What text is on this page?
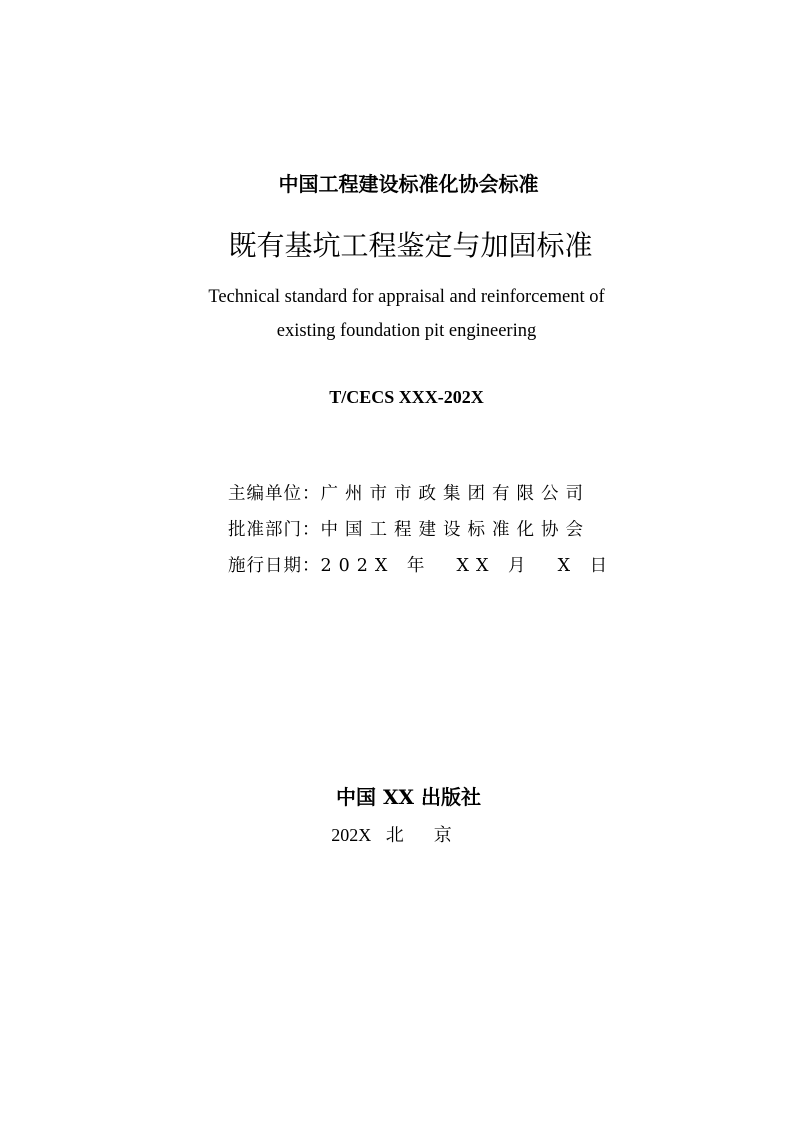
中国工程建设标准化协会标准
既有基坑工程鉴定与加固标准
Technical standard for appraisal and reinforcement of
existing foundation pit engineering
T/CECS XXX-202X
主编单位： 广州市市政集团有限公司
批准部门： 中国工程建设标准化协会
施行日期： 202X 年  XX 月  X 日
中国 XX 出版社
202X 北京
